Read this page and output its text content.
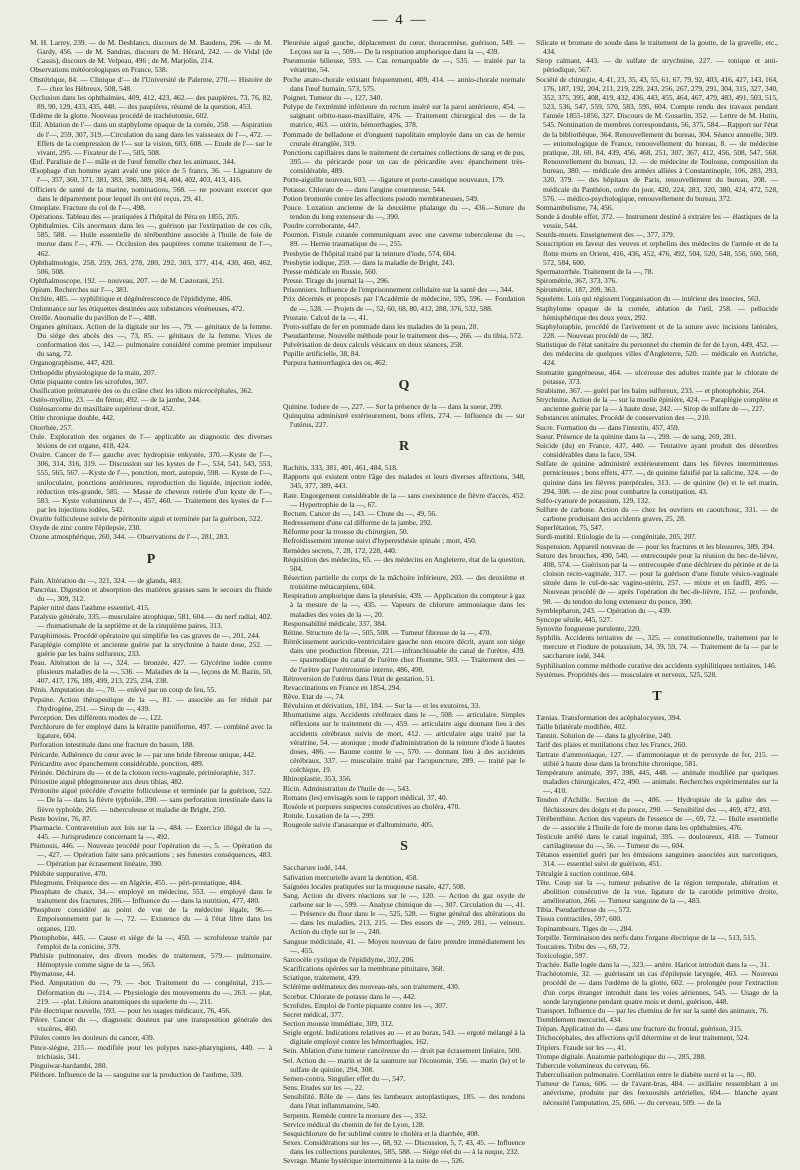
— 4 —

M. H. Larrey, 239. — de M. Desblancs, discours de M. Baudens, 296. — de M. Gardy, 456. — de M. Sandras, discours de M. Hérard, 242. — de Vidal (de Cassis), discours de M. Velpeau, 496 ; de M. Marjolin, 214.

Observations météorologiques en France, 538.

Obstétrique, 84. — Clinique d'— de l'Université de Palerme, 270.— Histoire de l'— chez les Hébreux, 508, 548.

Occlusion dans les ophthalmies, 409, 412, 423, 462.— des paupières, 73, 76, 82, 89, 90, 129, 433, 435, 448. — des paupières, résumé de la question, 453.

Œdème de la glotte. Nouveau procédé de trachéotomie, 602.

Œil. Ablation de l'— dans un staphylome opaque de la cornée, 258. — Aspiration de l'—, 259, 307, 319.—Circulation du sang dans les vaisseaux de l'—, 472. — Effets de la compression de l'— sur la vision, 603, 608. — Etude de l'— sur le vivant, 295. — Fixateur de l'—, 505, 508.

Œuf. Paralisie de l'— mâle et de l'œuf femelle chez les animaux, 344.

Œsophage d'un homme ayant avalé une pièce de 5 francs, 36. — Lignature de l'—, 357, 360, 371, 381, 383, 386, 389, 394, 404, 402, 403, 413, 416.

Officiers de santé de la marine, nominations, 568. — ne pouvant exercer que dans le département pour lequel ils ont été reçus, 29, 41.

Omoplate. Fracture du col de l'—, 498.

Opérations. Tableau des — pratiquées à l'hôpital de Péra en 1855, 205.

Ophthalmies. Cils anormaux dans les —, guérison par l'extirpation de ces cils, 585, 588. — Huile essentielle de térébenthine associée à l'huile de foie de morue dans l'—, 476. — Occlusion des paupières comme traitement de l'—, 462.

Ophthalmologie, 258, 259, 263, 278, 280, 292, 303, 377, 414, 430, 460, 462, 506, 508.

Ophthalmoscope, 192. — nouveau, 207. — de M. Castorani, 251.

Opium. Recherches sur l'—, 383.

Orchite, 485. — syphilitique et dégénérescence de l'épididyme, 406.

Ordonnance sur les étiquettes destinées aux substances vénéneuses, 472.

Oreille. Anomalie du pavillon de l'—, 488.

Organes génitaux. Action de la digitale sur les —, 79. — génitaux de la femme. Du siége des abcès des —, 73, 85. — génitaux de la femme. Vices de conformation des —, 142.— pulmonaire considéré comme premier impulseur du sang, 72.

Organographisme, 447, 420.

Orthopédie physiologique de la main, 207.

Ortie piquante contre les scrofules, 307.

Ossification prématurée des os du crâne chez les idiots microcéphales, 362.

Ostéo-myélite, 23. — du fémur, 492. — de la jambe, 244.

Ostéosarcome du maxillaire supérieur droit, 452.

Otite chronique double, 442.

Otorrhée, 257.

Ouïe. Exploration des organes de l'— applicable au diagnostic des diverses lésions de cet organe, 418, 424.

Ovaire. Cancer de l'— gauche avec hydropisie enkystée, 370.—Kyste de l'—, 306, 314, 316, 319. — Discussion sur les kystes de l'—, 534, 541, 543, 553, 555, 565, 567. —Kyste de l'—, ponction, mort, autopsie, 598. — Kyste de l'—, uniloculaire, ponctions antérieures, reproduction du liquide, injection iodée, réduction très-grande, 585. — Masse de cheveux retirée d'un kyste de l'—, 583. — Kyste volumineux de l'—, 457, 460. — Traitement des kystes de l'— par les injections iodées, 542.

Ovarite folliculeuse suivie de péritonite aiguë et terminée par la guérison, 522.

Oxyde de zinc contre l'épilepsie, 230.

Ozone atmosphérique, 260, 344. — Observations de l'—, 281, 283.

P

Pain. Altération du —, 321, 324. — de glands, 483.

Pancréas. Digestion et absorption des matières grasses sans le secours du fluide du —, 309, 312.

Papier nitré dans l'asthme essentiel, 415.

Paralysie générale, 335.—musculaire atrophique, 581, 604.— du nerf radial, 402. — rhumatismale de la septième et de la cinquième paires, 313.

Paraphimosis. Procédé opératoire qui simplifie les cas graves de —, 201, 244.

Paraplégie complète et ancienne guérie par la strychnine à haute dose, 252. — guérie par les bains sulfureux, 233.

Peau. Altération de la —, 324. — bronzée, 427. — Glycérine iodée contre plusieurs maladies de la —, 536. — Maladies de la —, leçons de M. Bazin, 50, 407, 417, 176, 189, 499, 213, 225, 234, 238.

Pénis. Amputation du —, 70. — enlevé par un coup de feu, 55.

Pepsine. Action thérapeutique de la —, 81. — associée au fer réduit par l'hydrogène, 251. — Sirop de —, 439.

Perception. Des différents modes de —, 122.

Perchlorure de fer employé dans la kératite pannïforme, 497. — combiné avec la ligature, 604.

Perforation intestinale dans une fracture du bassin, 188.

Péricarde. Adhérence du cœur avec le — par une bride fibreuse unique, 442.

Péricardite avec épanchement considérable, ponction, 489.

Périnée. Déchirure du — et de la cloison recto-vaginale, périnéoraphie, 317.

Périostite aiguë phlegmoneuse aux deux tibias, 482.

Péritonite aiguë précédée d'ovarite folliculeuse et terminée par la guérison, 522. — De la — dans la fièvre typhoïde, 290. — sans perforation intestinale dans la fièvre typhoïde, 265. — tuberculeuse et maladie de Bright, 250.

Peste bovine, 76, 87.

Pharmacie. Contravention aux lois sur la —, 484. — Exercice illégal de la —, 445. — Jurisprudence concernant la —, 492.

Phimosis, 446. — Nouveau procédé pour l'opération du —, 5. — Opération du —, 427. — Opération faite sans précautions ; ses funestes conséquences, 483. — Opération par écrasement linéaire, 390.

Phlébite suppurative, 470.

Phlegmons. Fréquence des — en Algérie, 455. — péri-prostatique, 484.

Phosphate de chaux, 34.— employé en médecine, 553. — employé dans le traitement des fractures, 206.— Influence du — dans la nutrition, 477, 480.

Phosphore considéré au point de vue de la médecine légale, 96.— Empoisonnement par le —, 72. — Existence du — à l'état libre dans les organes, 120.

Photophobie, 445. — Cause et siége de la —, 450. — scrofuleuse traitée par l'emploi de la conicine, 379.

Phthisie pulmonaire, des divers modes de traitement, 579.— pulmonaire. Hémoptysie comme signe de la —, 563.

Phymatose, 44.

Pied. Amputation du —, 79. — -bot. Traitement du — congénital, 215.— Déformation du —, 214. — Physiologie des mouvements du —, 263. — plat, 219. — -plat. Lésions anatomiques du squelette du —, 211.

Pile électrique nouvelle, 593. — pour les usages médicaux, 76, 456.

Pilore. Cancer du —, diagnostic douteux par une transposition générale des viscères, 460.

Pilules contre les douleurs du cancer, 439.

Pince-siègne, 215.— modifiée pour les polypes naso-pharyngiens, 440. — à trichiasis, 341.

Pinguiwar-hardambi, 280.

Pléthore. Influence de la — sanguine sur la production de l'asthme, 339.

Pleurésie aiguë gauche, déplacement du cœur, thoracentèse, guérison, 549. — Leçons sur la —, 509.— De la respiration amphorique dans la —, 439.

Pneumonie bilieuse, 593. — Cas remarquable de —, 535. — traitée par la vératrine, 54.

Poche anato-chorale existant fréquemment, 409, 414. — annio-chorale normale dans l'œuf humain, 573, 575.

Poignet. Tumeur du —, 127, 340.

Polype de l'extrémité inférieure du rectum inséré sur la paroi antérieure, 454. — saignant orbito-naso-maxillaire, 476. — Traitement chirurgical des — de la matrice, 463. — utérin, hémorrhagies, 378.

Pommade de belladone et d'onguent napolitain employée dans un cas de hernie crurale étranglée, 319.

Ponctions capillaires dans le traitement de certaines collections de sang et de pus, 395.— du péricarde pour un cas de péricardite avec épanchement très-considérable, 489.

Porte-aiguille nouveau, 603. — -ligature et porte-caustique nouveaux, 179.

Potasse. Chlorate de — dans l'angine couenneuse, 544.

Potion bromurée contre les affections pseudo membraneuses, 549.

Pouce. Luxation ancienne de la deuxième phalange du —, 436.—Suture du tendon du long extenseur du —, 390.

Poudre corroborante, 447.

Poumon. Fistule cutanée communiquant avec une caverne tuberculeuse du —, 89. — Hernie traumatique du —, 255.

Presbytie de l'hôpital traité par la teinture d'iode, 574, 604.

Presbytie iodique, 259. — dans la maladie de Bright, 243.

Presse médicale en Russie, 560.

Presse. Tirage du journal la —, 296.

Prisonniers. Influence de l'emprisonnement cellulaire sur la santé des —, 344.

Prix décernés et proposés par l'Académie de médecine, 595, 596. — Fondation de —, 528. — Projets de —, 52, 60, 68, 80, 412, 288, 376, 532, 588.

Prostate. Calcul de la —, 41.

Proto-sulfate de fer en pommade dans les maladies de la peau, 20.

Pseudarthrose. Nouvelle méthode pour le traitement des—, 266. — du tibia, 572.

Pulvérisation de deux calculs vésicaux en deux séances, 258.

Pupille artificielle, 38, 84.

Purpura hæmorrhagica des os, 462.

Q

Quinine. Iodure de —, 227. — Sur la présence de la — dans la sueur, 299.

Quinquina administré extérieurement, bons effets, 274. — Influence du — sur l'utérus, 227.

R

Rachitis, 333, 381, 401, 461, 484, 518.

Rapports qui existent entre l'âge des malades et leurs diverses affections, 348, 345, 377, 389, 443.

Rate. Engorgement considérable de la — sans coexistence de fièvre d'accès, 452. — Hypertrophie de la —, 67.

Rectum. Cancer du —, 143. — Chute du —, 49, 56.

Redressement d'une cal difforme de la jambe, 292.

Réforme pour la trousse du chirurgien, 50.

Refroidissement intense suivi d'hyperesthésie spinale ; mort, 450.

Remèdes secrets, 7, 28, 172, 228, 440.

Réquisition des médecins, 65. — des médecins en Angleterre, état de la question, 504.

Résection partielle du corps de la mâchoire inférieure, 203. — des deuxième et troisième métacarpiens, 604.

Respiration amphorique dans la pleurésie, 439. — Application du compteur à gaz à la mesure de la —, 435. — Vapeurs de chlorure ammoniaque dans les maladies des voies de la —, 20.

Responsabilité médicale, 337, 384.

Rétine. Structure de la —, 505, 508. — Tumeur fibreuse de la —, 470.

Rétrécissement auriculo-ventriculaire gauche non encore décrit, ayant son siége dans une production fibreuse, 221.—infranchissable du canal de l'urètre, 439. — spasmodique du canal de l'urètre chez l'homme, 503. — Traitement des — de l'urètre par l'urétrotomie interne, 486, 490.

Rétroversion de l'utérus dans l'état de gestation, 51.

Revaccinations en France en 1854, 294.

Rêve. Etat de —, 74.

Révulsion et dérivation, 181, 184. — Sur la — et les exutoires, 33.

Rhumatisme aigu. Accidents cérébraux dans le —, 508. — articulaire. Simples réflexions sur le traitement du —, 459. — articulaire aigu donnant lieu à des accidents cérébraux suivis de mort, 412. — articulaire aigu traité par la vératrine, 54. — atonique ; mode d'administration de la teinture d'iode à hautes doses, 486. — Baume contre le —, 570. — donnant lieu à des accidents cérébraux, 337. — musculaire traité par l'acupuncture, 289. — traité par le colchique, 19.

Rhinoplastie, 353, 356.

Ricin. Administration de l'huile de —, 543.

Romans (les) envisagés sous le rapport médical, 37, 40.

Roséole et purpures suspectes consécutives au choléra, 470.

Rotule. Luxation de la —, 299.

Rougeole suivie d'anasarque et d'albuminurie, 405.

S

Saccharure iodé, 144.

Salivation mercurielle avant la dentition, 458.

Saignées locales pratiquées sur la muqueuse nasale, 427, 508.

Sang. Action du divers réactions sur le —, 120. — Action du gaz oxyde de carbone sur le —, 599. — Analyse chimique du —, 307. Circulation du —, 41. — Présence du fluor dans le —, 525, 528. — Signe général des altérations du — dans les maladies, 213, 215. — Des essors de —, 269, 281. — veineux. Action du chyle sur le —, 240.

Sangsue médicinale, 41. — Moyen nouveau de faire prendre immédiatement les —, 455.

Sarcocèle cystique de l'épididyme, 202, 206.

Scarifications opérées sur la membrane pituitaire, 368.

Sciatique, traitement, 439.

Sclérème œdémateux des nouveau-nés, son traitement, 430.

Scorbut. Chlorate de potasse dans le —, 442.

Scrofules. Emploi de l'ortie piquante contre les —, 307.

Secret médical, 377.

Section mousse immédiate, 309, 312.

Seigle ergoté. Indications relatives au — et au borax, 543. — ergoté mélangé à la digitale employé contre les hémorrhagies, 162.

Sein. Ablation d'une tumeur cancéreuse du — droit par écrasement linéaire, 500.

Sel. Action du — marin et de la saumure sur l'économie, 356. — marin (le) et le sulfate de quinine, 294, 308.

Semen-contra. Singulier effet du —, 547.

Sens. Etudes sur les —, 22.

Sensibilité. Rôle de — dans les lambeaux autoplastiques, 185. — des tendons dans l'état inflammatoire, 540.

Serpents. Remède contre la morsure des —, 332.

Service médical du chemin de fer de Lyon, 128.

Sesquichlorure de fer sublimé contre le choléra et la diarrhée, 408.

Sexes. Considérations sur les —, 68, 92. — Discussion, 5, 7, 43, 45. — Influence dans les collections purulentes, 585, 588. — Siége réel du — à la nuque, 232.

Sevrage. Manie hystérique intermittente à la suite de —, 526.

Silicate et bromate de soude dans le traitement de la goutte, de la gravelle, etc., 434.

Sirop calmant, 443. — de sulfate de strychnine, 227. — tonique et anti-périodique, 567.

Société de chirurgie, 4, 41, 23, 35, 43, 55, 61, 67, 79, 92, 403, 416, 427, 143, 164, 176, 187, 192, 204, 211, 219, 229, 243, 256, 267, 279, 291, 304, 315, 327, 340, 352, 375, 395, 408, 419, 432, 436, 443, 455, 464, 467, 479, 483, 491, 503, 515, 523, 536, 547, 559, 570, 583, 595, 604. Compte rendu des travaux pendant l'année 1855-1856, 327. Discours de M. Gosselin, 352. — Lettre de M. Hutin, 545. Nomination de membres correspondants, 56, 375, 584.—Rapport sur l'état de la bibliothèque, 364. Renouvellement du bureau, 304. Séance annuelle, 309. — entomologique de France, renouvellement du bureau, 8. — de médecine pratique, 28, 60, 84, 439, 456, 468, 251, 307, 367, 412, 456, 508, 547, 568. Renouvellement du bureau, 12. — de médecine de Toulouse, composition du bureau, 380. — médicale des armées alliées à Constantinople, 106, 283, 293, 320, 379. — des hôpitaux de Paris, renouvellement du bureau, 208. — médicale du Panthéon, ordre du jour, 420, 224, 283, 320, 380, 424, 472, 528, 576. — médico-psychologique, renouvellement du bureau, 372.

Somnambulisme, 74, 456.

Sonde à double effet, 372. — Instrument destiné à extraire les — élastiques de la vessie, 544.

Sourds-muets. Enseignement des —, 377, 379.

Souscription en faveur des veuves et orphelins des médecins de l'armée et de la flotte morts en Orient, 416, 436, 452, 476, 492, 504, 520, 548, 556, 560, 568, 572, 584, 600.

Spermatorrhée. Traitement de la —, 78.

Spirométrie, 367, 373, 376.

Spirométrie, 187, 209, 363.

Squelette. Lois qui régissent l'organisation du — intérieur des insectes, 563.

Staphylome opaque de la cornée, ablation de l'œil, 258. — pellucide hémisphérique des deux yeux, 292.

Staphyloraphie, procédé de l'avivement et de la suture avec incisions latérales, 228. — Nouveau procédé de —, 382.

Statistique de l'état sanitaire du personnel du chemin de fer de Lyon, 449, 452. — des médecins de quelques villes d'Angleterre, 520. — médicale en Autriche, 424.

Stomatite gangréneuse, 464. — ulcéreuse des adultes traitée par le chlorate de potasse, 373.

Strabisme, 367. — guéri par les bains sulfureux, 233. — et photophobie, 264.

Strychnine. Action de la — sur la moelle épinière, 424. — Paraplégie complète et ancienne guérie par la — à haute dose, 242. — Sirop de sulfate de —, 227.

Substances animales. Procédé de conservation des —, 210.

Sucre. Formation du — dans l'intestin, 457, 459.

Sueur. Présence de la quinine dans la —, 299. — de sang, 269, 281.

Suicide (du) en France, 437, 440. — Tentative ayant produit des désordres considérables dans la face, 594.

Sulfate de quinine administré extérieurement dans les fièvres intermittentes pernicieuses ; bons effets, 477. —, de quinine falsifié par la salicine, 324. — de quinine dans les fièvres puerpérales, 313. — de quinine (le) et le sel marin, 294, 308. — de zinc pour combattre la constipation, 43.

Sulfo-cyanure de potassium, 129, 132.

Sulfure de carbone. Action du — chez les ouvriers en caoutchouc, 331. — de carbone produisant des accidents graves, 25, 28.

Superfétation, 75, 547.

Surdi-mutité. Etiologie de la — congénitale, 205, 207.

Suspension. Appareil nouveau de — pour les fractures et les blessures, 389, 394.

Suture des bronches, 490, 540. — entrecoupée pour la réunion du bec-de-lièvre, 408, 574. — Guérison par la — entrecoupée d'une déchirure du périnée et de la cloison recto-vaginale, 317. — pour la guérison d'une fistule vésico-vaginale située dans le cul-de-sac vagino-utérin, 257. — mixte et en fauffl, 495. — Nouveau procédé de — après l'opération du bec-de-lièvre, 152. — profonde, 98. — du tendon du long extenseur du pouce, 390.

Symblepharon, 243. — Opération du —, 439.

Syncope sénile, 445, 527.

Synovite fongueuse purulente, 220.

Syphilis. Accidents tertiaires de —, 325. — constitutionnelle, traitement par le mercure et l'iodure de potassium, 34, 39, 59, 74. — Traitement de la — par le saccharure iodé, 344.

Syphilisation comme méthode curative des accidents syphilitiques tertiaires, 146.

Systèmes. Propriétés des — musculaire et nerveux, 525, 528.

T

Tænias. Transformation des acéphalocystes, 394.

Taille bilatérale modifiée, 402.

Tannin. Solution de — dans la glycérine, 240.

Tarif des plaies et mutilations chez les Francs, 260.

Tartrate d'ammoniaque, 127. — d'ammoniaque et de peroxyde de fer, 215. — stibié à haute dose dans la bronchite chronique, 581.

Température animale, 397, 398, 445, 448. — animale modifiée par quelques maladies chirurgicales, 472, 490. — animale. Recherches expérimentales sur la —, 410.

Tendon d'Achille. Section du —, 406. — Hydropisie de la gaîne des — fléchisseurs des doigts et du pouce, 290. — Sensibilité des —, 469, 472, 493.

Térébenthine. Action des vapeurs de l'essence de —, 69, 72. — Huile essentielle de — associée à l'huile de foie de morue dans les ophthalmies, 476.

Testicule arrêté dans le canal inguinal, 395. — douloureux, 418. — Tumeur cartilagineuse du —, 56. — Tumeur du —, 604.

Tétanos essentiel guéri par les émissions sanguines associées aux narcotiques, 314. — essentiel suivi de guérison, 451.

Tétralgie à suction continue, 604.

Tête. Coup sur la —, tumeur pulsative de la région temporale, altération et abolition consécutive de la vue, ligature de la carotide primitive droite, amélioration, 266. — Tumeur sanguine de la —, 483.

Tibia. Pseudarthrose du —, 572.

Tissus contractiles, 597, 600.

Topinambours. Tiges de —, 284.

Torpille. Terminaison des nerfs dans l'organe électrique de la —, 513, 515.

Toucaires. Tribu des —, 69, 72.

Toxicologie, 597.

Trachée. Balle logée dans la —, 323.— artère. Haricot introduit dans la —, 31.

Trachéotomie, 32. — guérissant un cas d'épilepsie laryngée, 463. — Nouveau procédé de — dans l'œdème de la glotte, 602. — prolongée pour l'extraction d'un corps étranger introduit dans les voies aériennes, 545. — Usage de la sonde laryngienne pendant quatre mois et demi, guérison, 448.

Transport. Influence du — par les chemins de fer sur la santé des animaux, 76.

Tremblement mercuriel, 434.

Trépan. Application du — dans une fracture du frontal, guérison, 315.

Trichocéphales, des affections qu'il détermine et de leur traitement, 524.

Tripiers. Fraude sur les —, 41.

Trompe digitale. Anatomie pathologique du —, 285, 288.

Tubercule volumineux du cerveau, 66.

Tuberculisation pulmonaire. Corrélation entre le diabète sucré et la —, 80.

Tumeur de l'anus, 606. — de l'avant-bras, 484. — axillaire ressemblant à un anévrisme, produite par des fœxuosités artérielles, 604.— blanche ayant nécessité l'amputation, 25, 606. — du cerveau, 509. — de la
